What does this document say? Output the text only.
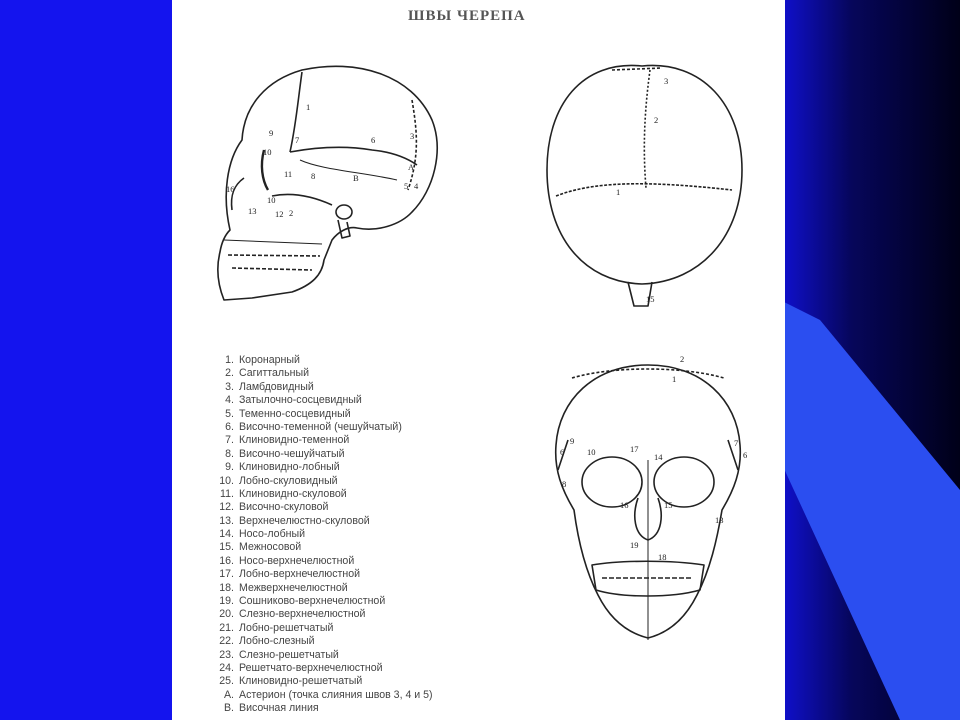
ШВЫ ЧЕРЕПА
1
9
7	6	3
10
A
11 8	B
5 4
16
13
10
12 2
3
2
1
15
2
1
9	7
6	6
10	17
14
8
16	15
13
19
18
1. Коронарный
2. Сагиттальный
3. Ламбдовидный
4. Затылочно-сосцевидный
5. Теменно-сосцевидный
6. Височно-теменной (чешуйчатый)
7. Клиновидно-теменной
8. Височно-чешуйчатый
9. Клиновидно-лобный
10. Лобно-скуловидный
11. Клиновидно-скуловой
12. Височно-скуловой
13. Верхнечелюстно-скуловой
14. Носо-лобный
15. Межносовой
16. Носо-верхнечелюстной
17. Лобно-верхнечелюстной
18. Межверхнечелюстной
19. Сошниково-верхнечелюстной
20. Слезно-верхнечелюстной
21. Лобно-решетчатый
22. Лобно-слезный
23. Слезно-решетчатый
24. Решетчато-верхнечелюстной
25. Клиновидно-решетчатый
A. Астерион (точка слияния швов 3, 4 и 5)
B. Височная линия
